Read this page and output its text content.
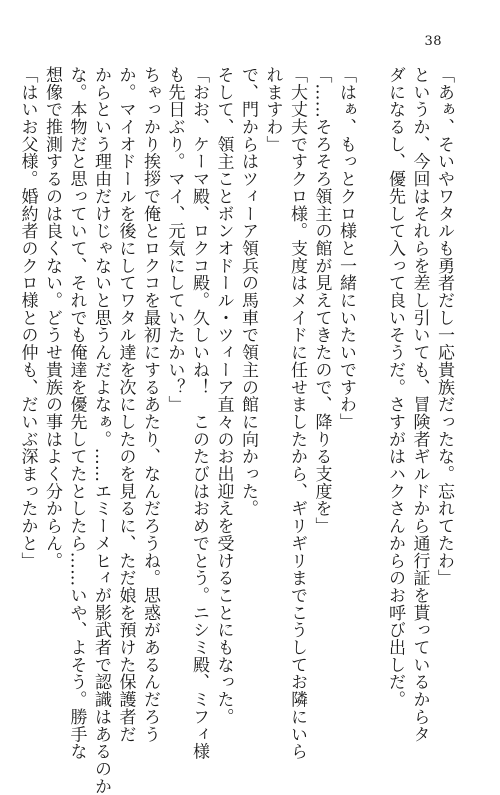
38

「あぁ、そいやワタルも勇者だし一応貴族だったな。忘れてたわ」

というか、今回はそれらを差し引いても、冒険者ギルドから通行証を貰っているからタ

ダになるし、優先して入って良いそうだ。さすがはハクさんからのお呼び出しだ。

「はぁ、もっとクロ様と一緒にいたいですわ」

「……そろそろ領主の館が見えてきたので、降りる支度を」

「大丈夫ですクロ様。支度はメイドに任せましたから、ギリギリまでこうしてお隣にいら

れますわ」

で、門からはツィーア領兵の馬車で領主の館に向かった。

そして、領主ことボンオドール・ツィーア直々のお出迎えを受けることにもなった。

「おお、ケーマ殿、ロクコ殿。久しいね！　このたびはおめでとう。ニシミ殿、ミフィ様

も先日ぶり。マイ、元気にしていたかい？」

ちゃっかり挨拶で俺とロクコを最初にするあたり、なんだろうね。思惑があるんだろう

か。マイオドールを後にしてワタル達を次にしたのを見るに、ただ娘を預けた保護者だ

からという理由だけじゃないと思うんだよなぁ。……エミーメヒィが影武者で認識はあるのか

な。本物だと思っていて、それでも俺達を優先してたとしたら……いや、よそう。勝手な

想像で推測するのは良くない。どうせ貴族の事はよく分からん。

「はいお父様。婚約者のクロ様との仲も、だいぶ深まったかと」
